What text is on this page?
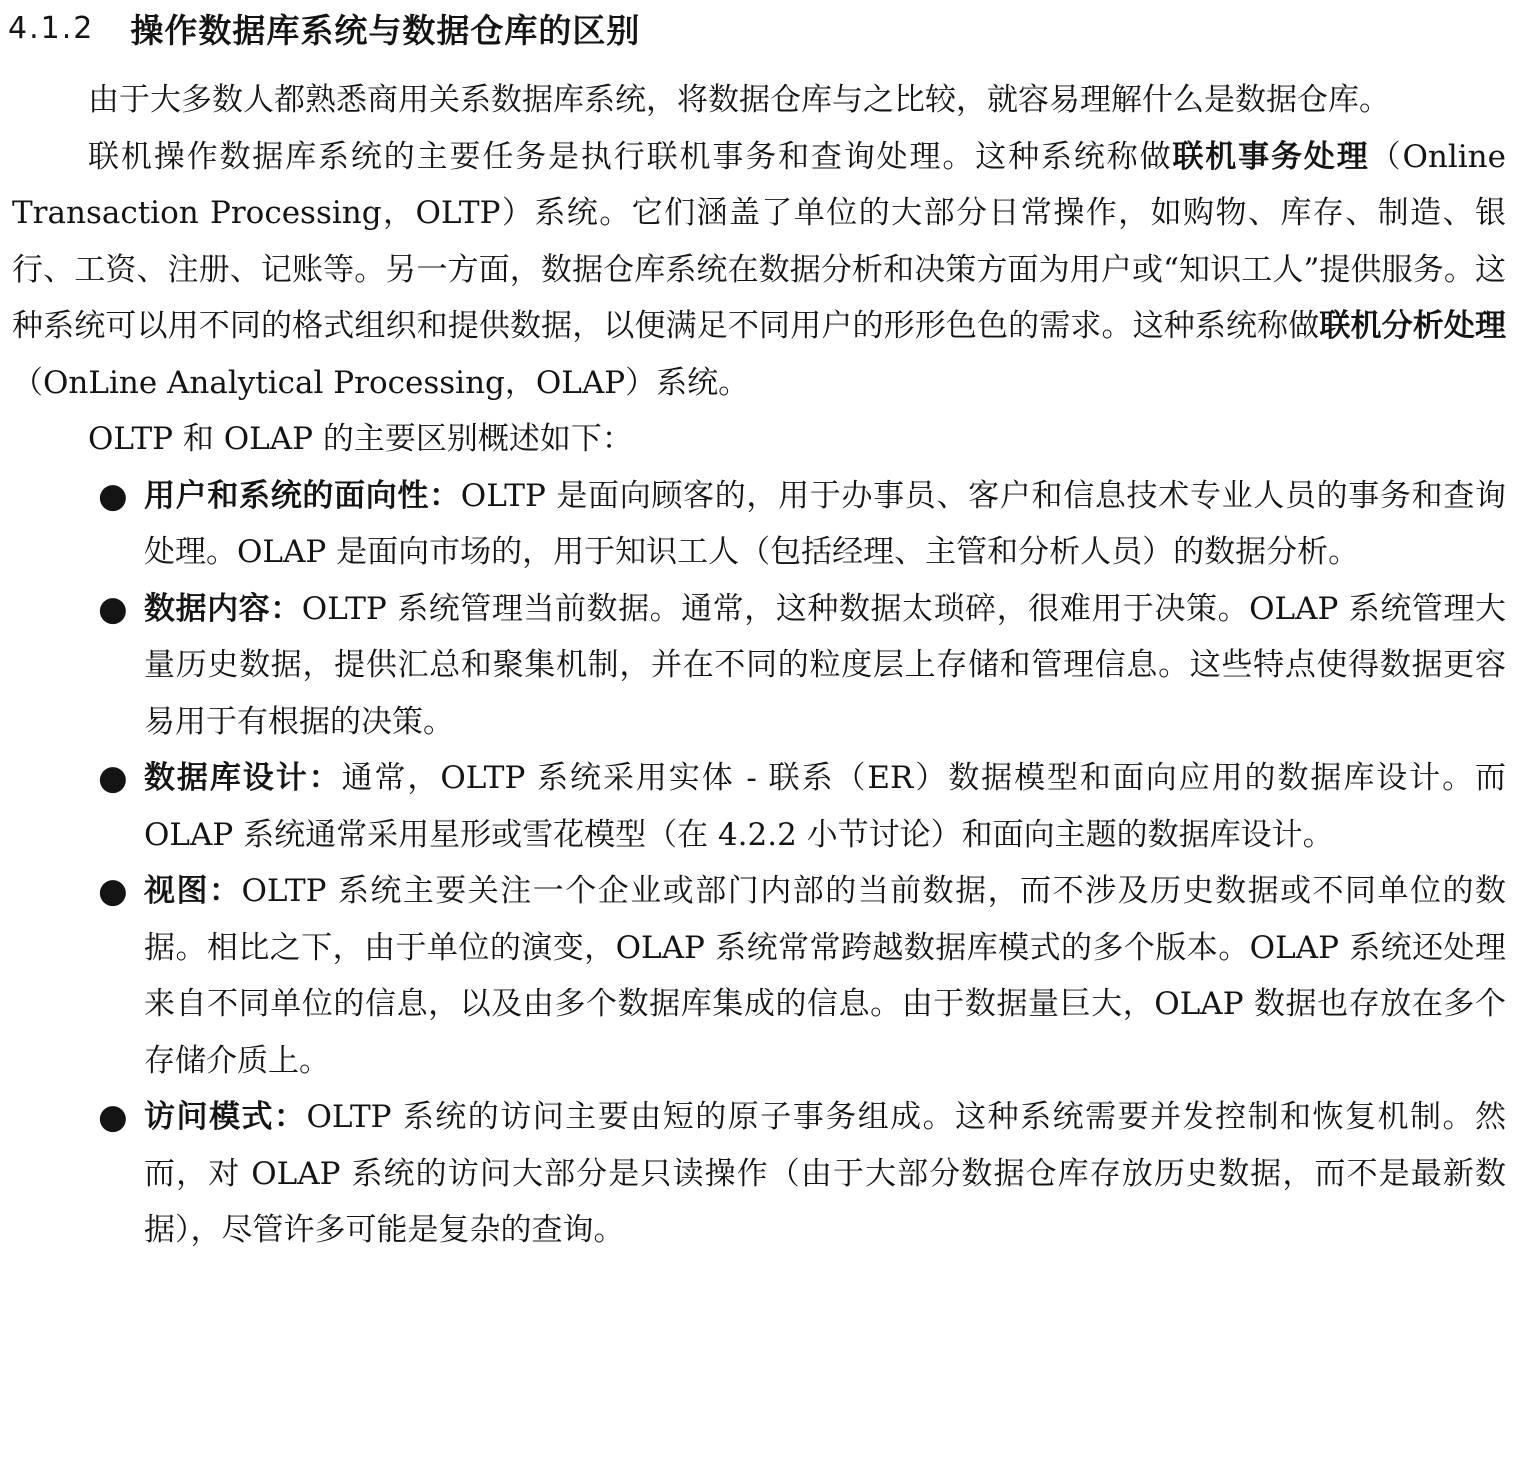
4.1.2 操作数据库系统与数据仓库的区别

由于大多数人都熟悉商用关系数据库系统，将数据仓库与之比较，就容易理解什么是数据仓库。

联机操作数据库系统的主要任务是执行联机事务和查询处理。这种系统称做联机事务处理（Online Transaction Processing，OLTP）系统。它们涵盖了单位的大部分日常操作，如购物、库存、制造、银行、工资、注册、记账等。另一方面，数据仓库系统在数据分析和决策方面为用户或“知识工人”提供服务。这种系统可以用不同的格式组织和提供数据，以便满足不同用户的形形色色的需求。这种系统称做联机分析处理（OnLine Analytical Processing，OLAP）系统。

OLTP 和 OLAP 的主要区别概述如下：

● 用户和系统的面向性：OLTP 是面向顾客的，用于办事员、客户和信息技术专业人员的事务和查询处理。OLAP 是面向市场的，用于知识工人（包括经理、主管和分析人员）的数据分析。
● 数据内容：OLTP 系统管理当前数据。通常，这种数据太琐碎，很难用于决策。OLAP 系统管理大量历史数据，提供汇总和聚集机制，并在不同的粒度层上存储和管理信息。这些特点使得数据更容易用于有根据的决策。
● 数据库设计：通常，OLTP 系统采用实体 - 联系（ER）数据模型和面向应用的数据库设计。而 OLAP 系统通常采用星形或雪花模型（在 4.2.2 小节讨论）和面向主题的数据库设计。
● 视图：OLTP 系统主要关注一个企业或部门内部的当前数据，而不涉及历史数据或不同单位的数据。相比之下，由于单位的演变，OLAP 系统常常跨越数据库模式的多个版本。OLAP 系统还处理来自不同单位的信息，以及由多个数据库集成的信息。由于数据量巨大，OLAP 数据也存放在多个存储介质上。
● 访问模式：OLTP 系统的访问主要由短的原子事务组成。这种系统需要并发控制和恢复机制。然而，对 OLAP 系统的访问大部分是只读操作（由于大部分数据仓库存放历史数据，而不是最新数据），尽管许多可能是复杂的查询。
